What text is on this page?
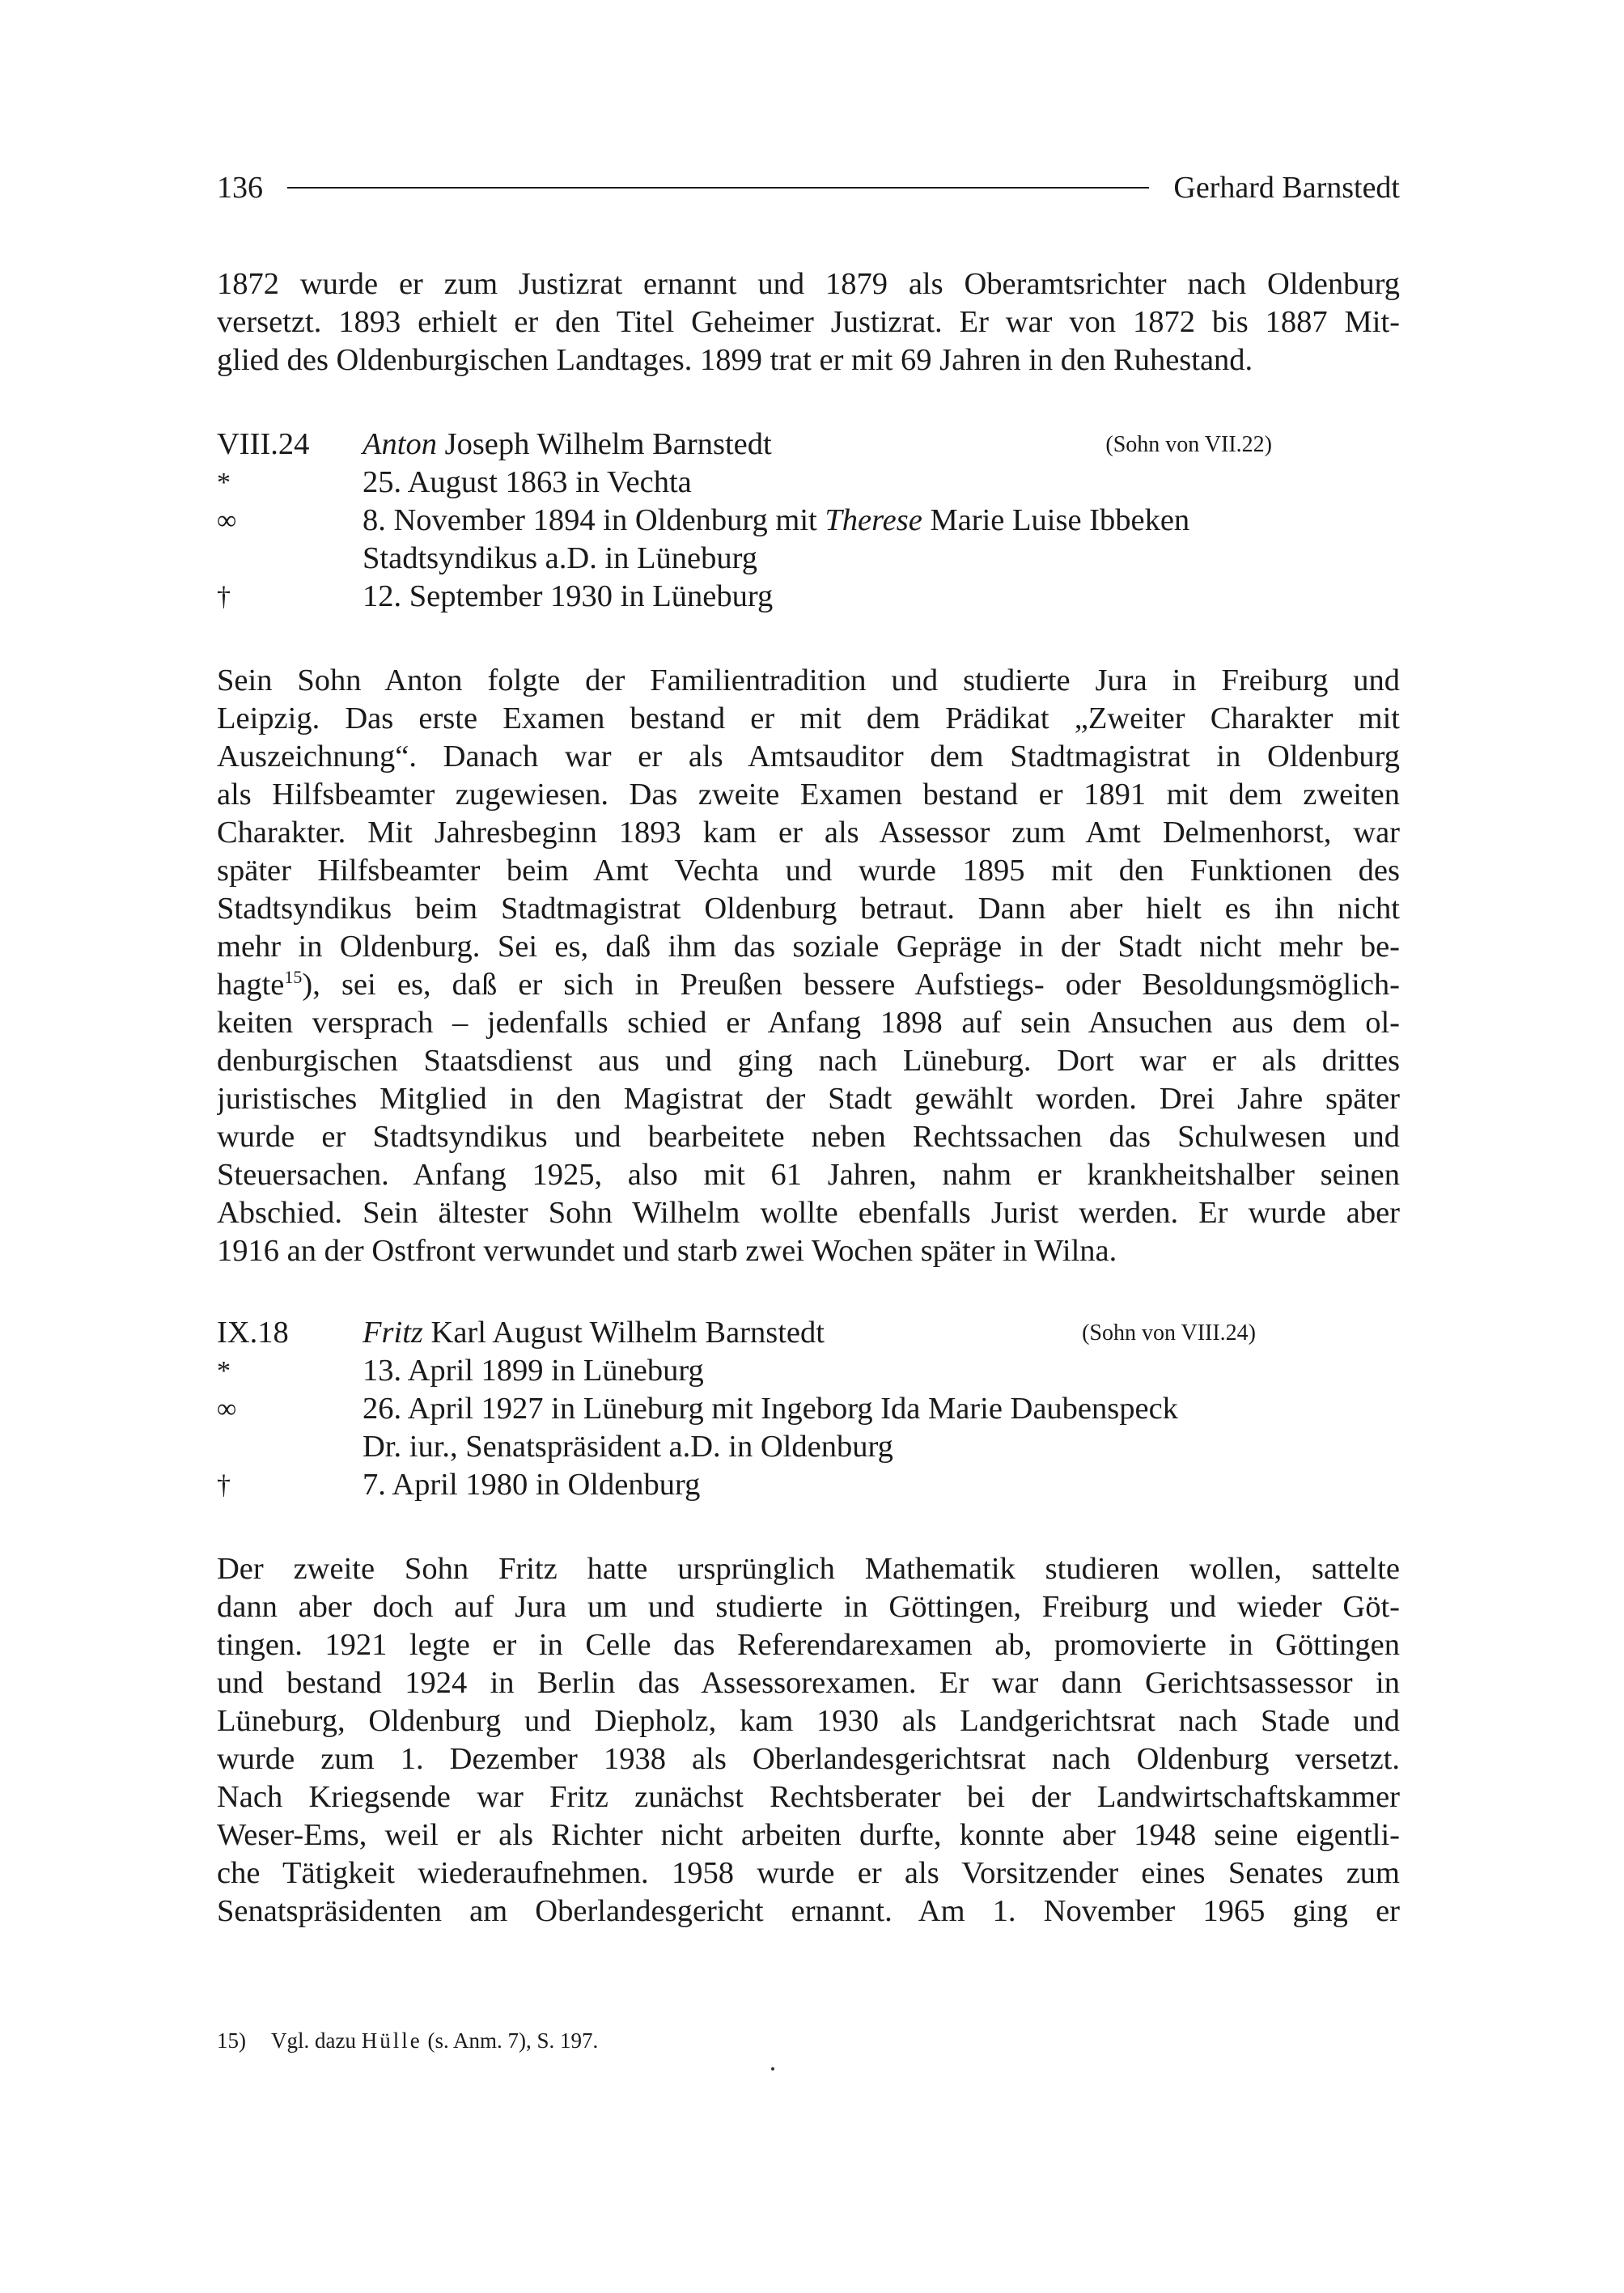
136	Gerhard Barnstedt
1872 wurde er zum Justizrat ernannt und 1879 als Oberamtsrichter nach Oldenburg
versetzt. 1893 erhielt er den Titel Geheimer Justizrat. Er war von 1872 bis 1887 Mit-
glied des Oldenburgischen Landtages. 1899 trat er mit 69 Jahren in den Ruhestand.
VIII.24	Anton Joseph Wilhelm Barnstedt	(Sohn von VII.22)
*	25. August 1863 in Vechta
∞	8. November 1894 in Oldenburg mit Therese Marie Luise Ibbeken
Stadtsyndikus a.D. in Lüneburg
†	12. September 1930 in Lüneburg
Sein Sohn Anton folgte der Familientradition und studierte Jura in Freiburg und
Leipzig. Das erste Examen bestand er mit dem Prädikat „Zweiter Charakter mit
Auszeichnung“. Danach war er als Amtsauditor dem Stadtmagistrat in Oldenburg
als Hilfsbeamter zugewiesen. Das zweite Examen bestand er 1891 mit dem zweiten
Charakter. Mit Jahresbeginn 1893 kam er als Assessor zum Amt Delmenhorst, war
später Hilfsbeamter beim Amt Vechta und wurde 1895 mit den Funktionen des
Stadtsyndikus beim Stadtmagistrat Oldenburg betraut. Dann aber hielt es ihn nicht
mehr in Oldenburg. Sei es, daß ihm das soziale Gepräge in der Stadt nicht mehr be-
hagte$^{15}$), sei es, daß er sich in Preußen bessere Aufstiegs- oder Besoldungsmöglich-
keiten versprach – jedenfalls schied er Anfang 1898 auf sein Ansuchen aus dem ol-
denburgischen Staatsdienst aus und ging nach Lüneburg. Dort war er als drittes
juristisches Mitglied in den Magistrat der Stadt gewählt worden. Drei Jahre später
wurde er Stadtsyndikus und bearbeitete neben Rechtssachen das Schulwesen und
Steuersachen. Anfang 1925, also mit 61 Jahren, nahm er krankheitshalber seinen
Abschied. Sein ältester Sohn Wilhelm wollte ebenfalls Jurist werden. Er wurde aber
1916 an der Ostfront verwundet und starb zwei Wochen später in Wilna.
IX.18	Fritz Karl August Wilhelm Barnstedt	(Sohn von VIII.24)
*	13. April 1899 in Lüneburg
∞	26. April 1927 in Lüneburg mit Ingeborg Ida Marie Daubenspeck
Dr. iur., Senatspräsident a.D. in Oldenburg
†	7. April 1980 in Oldenburg
Der zweite Sohn Fritz hatte ursprünglich Mathematik studieren wollen, sattelte
dann aber doch auf Jura um und studierte in Göttingen, Freiburg und wieder Göt-
tingen. 1921 legte er in Celle das Referendarexamen ab, promovierte in Göttingen
und bestand 1924 in Berlin das Assessorexamen. Er war dann Gerichtsassessor in
Lüneburg, Oldenburg und Diepholz, kam 1930 als Landgerichtsrat nach Stade und
wurde zum 1. Dezember 1938 als Oberlandesgerichtsrat nach Oldenburg versetzt.
Nach Kriegsende war Fritz zunächst Rechtsberater bei der Landwirtschaftskammer
Weser-Ems, weil er als Richter nicht arbeiten durfte, konnte aber 1948 seine eigentli-
che Tätigkeit wiederaufnehmen. 1958 wurde er als Vorsitzender eines Senates zum
Senatspräsidenten am Oberlandesgericht ernannt. Am 1. November 1965 ging er
15) Vgl. dazu Hülle (s. Anm. 7), S. 197.
